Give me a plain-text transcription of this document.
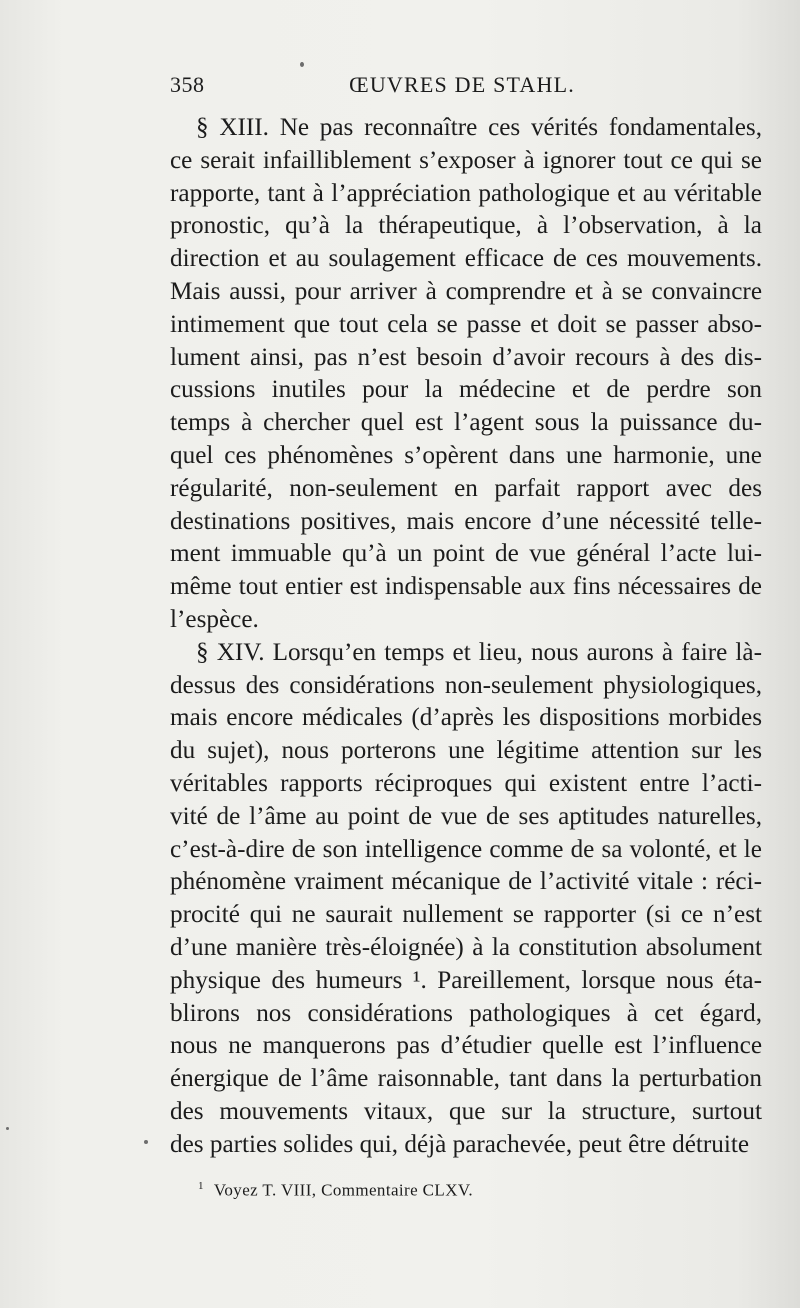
358	ŒUVRES DE STAHL.
§ XIII. Ne pas reconnaître ces vérités fondamentales,
ce serait infailliblement s’exposer à ignorer tout ce qui se
rapporte, tant à l’appréciation pathologique et au véritable
pronostic, qu’à la thérapeutique, à l’observation, à la
direction et au soulagement efficace de ces mouvements.
Mais aussi, pour arriver à comprendre et à se convaincre
intimement que tout cela se passe et doit se passer abso-
lument ainsi, pas n’est besoin d’avoir recours à des dis-
cussions inutiles pour la médecine et de perdre son
temps à chercher quel est l’agent sous la puissance du-
quel ces phénomènes s’opèrent dans une harmonie, une
régularité, non-seulement en parfait rapport avec des
destinations positives, mais encore d’une nécessité telle-
ment immuable qu’à un point de vue général l’acte lui-
même tout entier est indispensable aux fins nécessaires de
l’espèce.
§ XIV. Lorsqu’en temps et lieu, nous aurons à faire là-
dessus des considérations non-seulement physiologiques,
mais encore médicales (d’après les dispositions morbides
du sujet), nous porterons une légitime attention sur les
véritables rapports réciproques qui existent entre l’acti-
vité de l’âme au point de vue de ses aptitudes naturelles,
c’est-à-dire de son intelligence comme de sa volonté, et le
phénomène vraiment mécanique de l’activité vitale : réci-
procité qui ne saurait nullement se rapporter (si ce n’est
d’une manière très-éloignée) à la constitution absolument
physique des humeurs ¹. Pareillement, lorsque nous éta-
blirons nos considérations pathologiques à cet égard,
nous ne manquerons pas d’étudier quelle est l’influence
énergique de l’âme raisonnable, tant dans la perturbation
des mouvements vitaux, que sur la structure, surtout
des parties solides qui, déjà parachevée, peut être détruite
$^1$ Voyez T. VIII, Commentaire CLXV.
